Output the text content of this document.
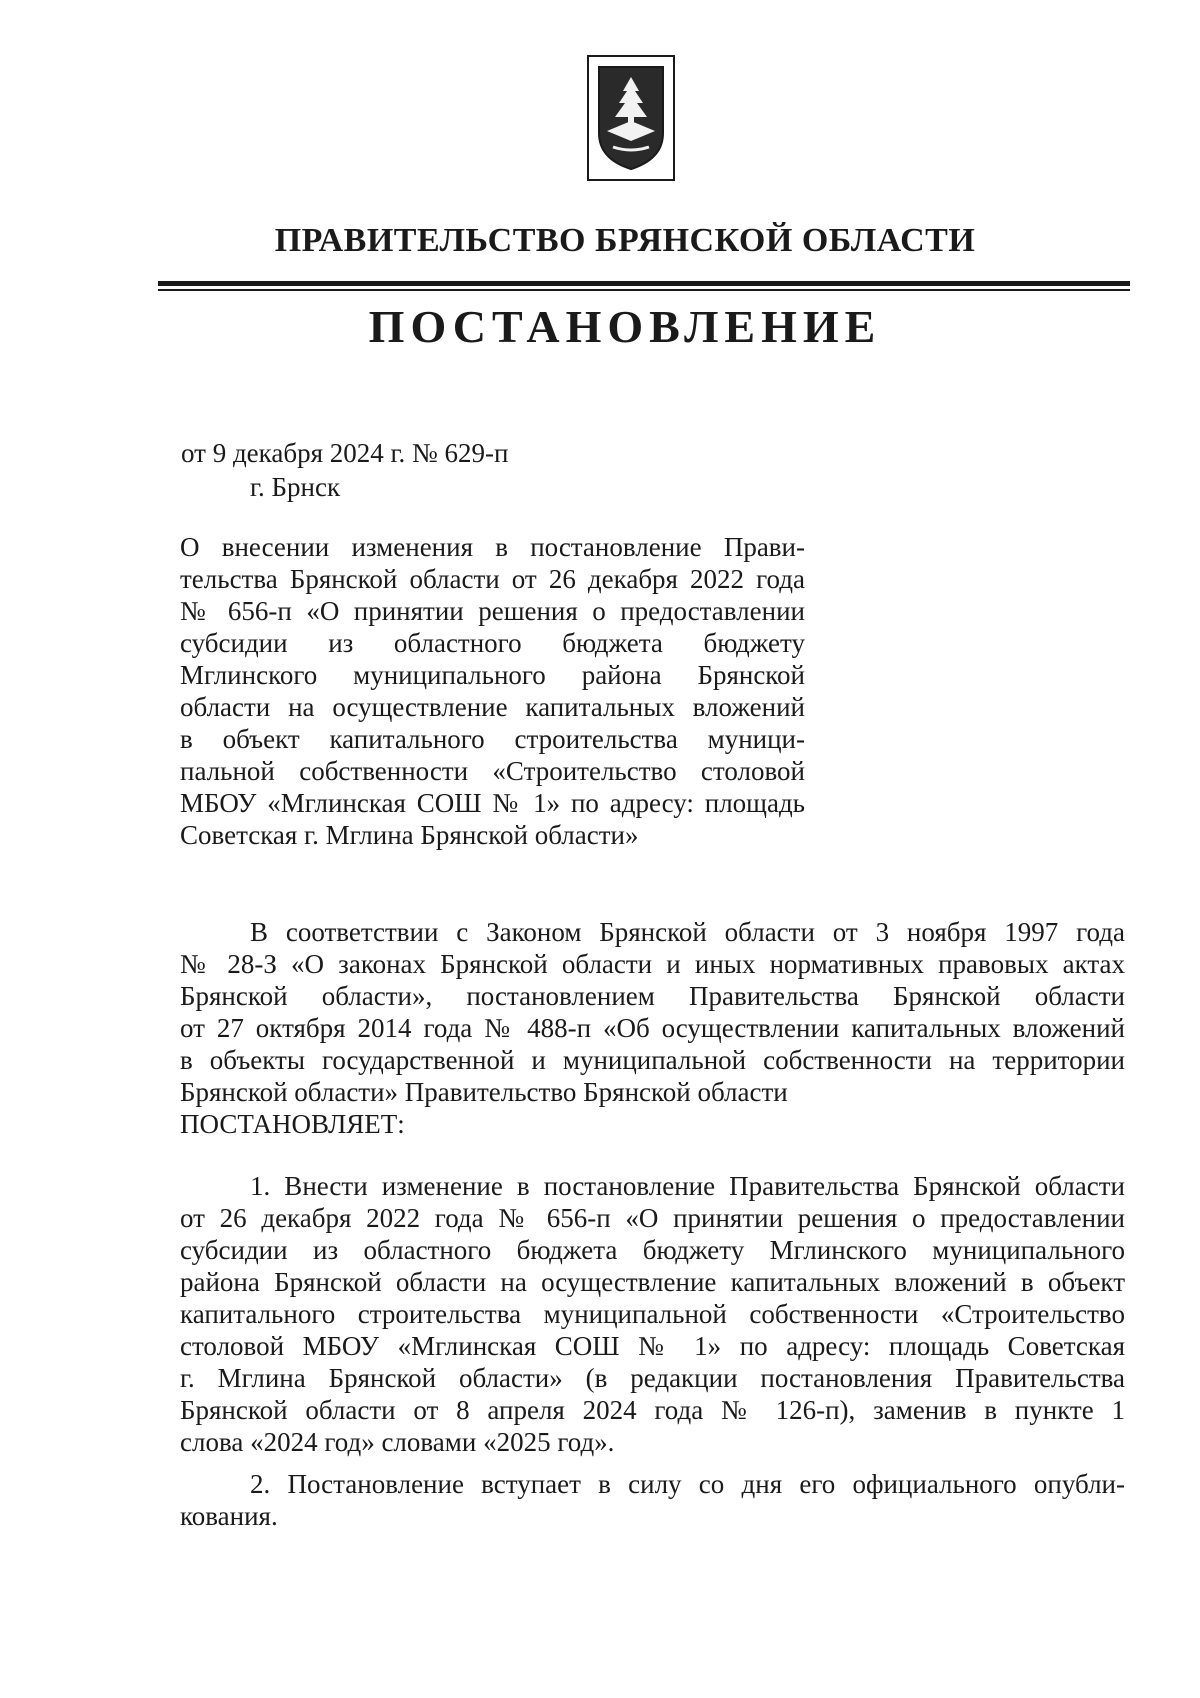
ПРАВИТЕЛЬСТВО БРЯНСКОЙ ОБЛАСТИ
ПОСТАНОВЛЕНИЕ
от 9 декабря 2024 г. № 629-п
г. Брнск
О внесении изменения в постановление Прави-
тельства Брянской области от 26 декабря 2022 года
№ 656-п «О принятии решения о предоставлении
субсидии из областного бюджета бюджету
Мглинского муниципального района Брянской
области на осуществление капитальных вложений
в объект капитального строительства муници-
пальной собственности «Строительство столовой
МБОУ «Мглинская СОШ № 1» по адресу: площадь
Советская г. Мглина Брянской области»
В соответствии с Законом Брянской области от 3 ноября 1997 года
№ 28-З «О законах Брянской области и иных нормативных правовых актах
Брянской области», постановлением Правительства Брянской области
от 27 октября 2014 года № 488-п «Об осуществлении капитальных вложений
в объекты государственной и муниципальной собственности на территории
Брянской области» Правительство Брянской области
ПОСТАНОВЛЯЕТ:
1. Внести изменение в постановление Правительства Брянской области
от 26 декабря 2022 года № 656-п «О принятии решения о предоставлении
субсидии из областного бюджета бюджету Мглинского муниципального
района Брянской области на осуществление капитальных вложений в объект
капитального строительства муниципальной собственности «Строительство
столовой МБОУ «Мглинская СОШ № 1» по адресу: площадь Советская
г. Мглина Брянской области» (в редакции постановления Правительства
Брянской области от 8 апреля 2024 года № 126-п), заменив в пункте 1
слова «2024 год» словами «2025 год».
2. Постановление вступает в силу со дня его официального опубли-
кования.
